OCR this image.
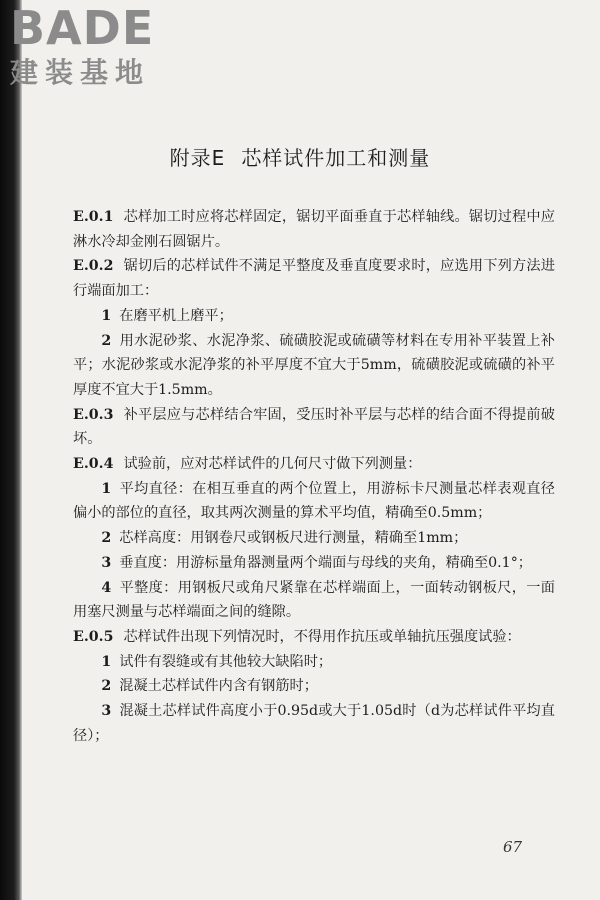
BADE
建装基地
附录E 芯样试件加工和测量

E.0.1 芯样加工时应将芯样固定，锯切平面垂直于芯样轴线。锯切过程中应淋水冷却金刚石圆锯片。

E.0.2 锯切后的芯样试件不满足平整度及垂直度要求时，应选用下列方法进行端面加工：

1 在磨平机上磨平；

2 用水泥砂浆、水泥净浆、硫磺胶泥或硫磺等材料在专用补平装置上补平；水泥砂浆或水泥净浆的补平厚度不宜大于5mm，硫磺胶泥或硫磺的补平厚度不宜大于1.5mm。

E.0.3 补平层应与芯样结合牢固，受压时补平层与芯样的结合面不得提前破坏。

E.0.4 试验前，应对芯样试件的几何尺寸做下列测量：

1 平均直径：在相互垂直的两个位置上，用游标卡尺测量芯样表观直径偏小的部位的直径，取其两次测量的算术平均值，精确至0.5mm；

2 芯样高度：用钢卷尺或钢板尺进行测量，精确至1mm；

3 垂直度：用游标量角器测量两个端面与母线的夹角，精确至0.1°；

4 平整度：用钢板尺或角尺紧靠在芯样端面上，一面转动钢板尺，一面用塞尺测量与芯样端面之间的缝隙。

E.0.5 芯样试件出现下列情况时，不得用作抗压或单轴抗压强度试验：

1 试件有裂缝或有其他较大缺陷时；

2 混凝土芯样试件内含有钢筋时；

3 混凝土芯样试件高度小于0.95d或大于1.05d时（d为芯样试件平均直径）；

67
